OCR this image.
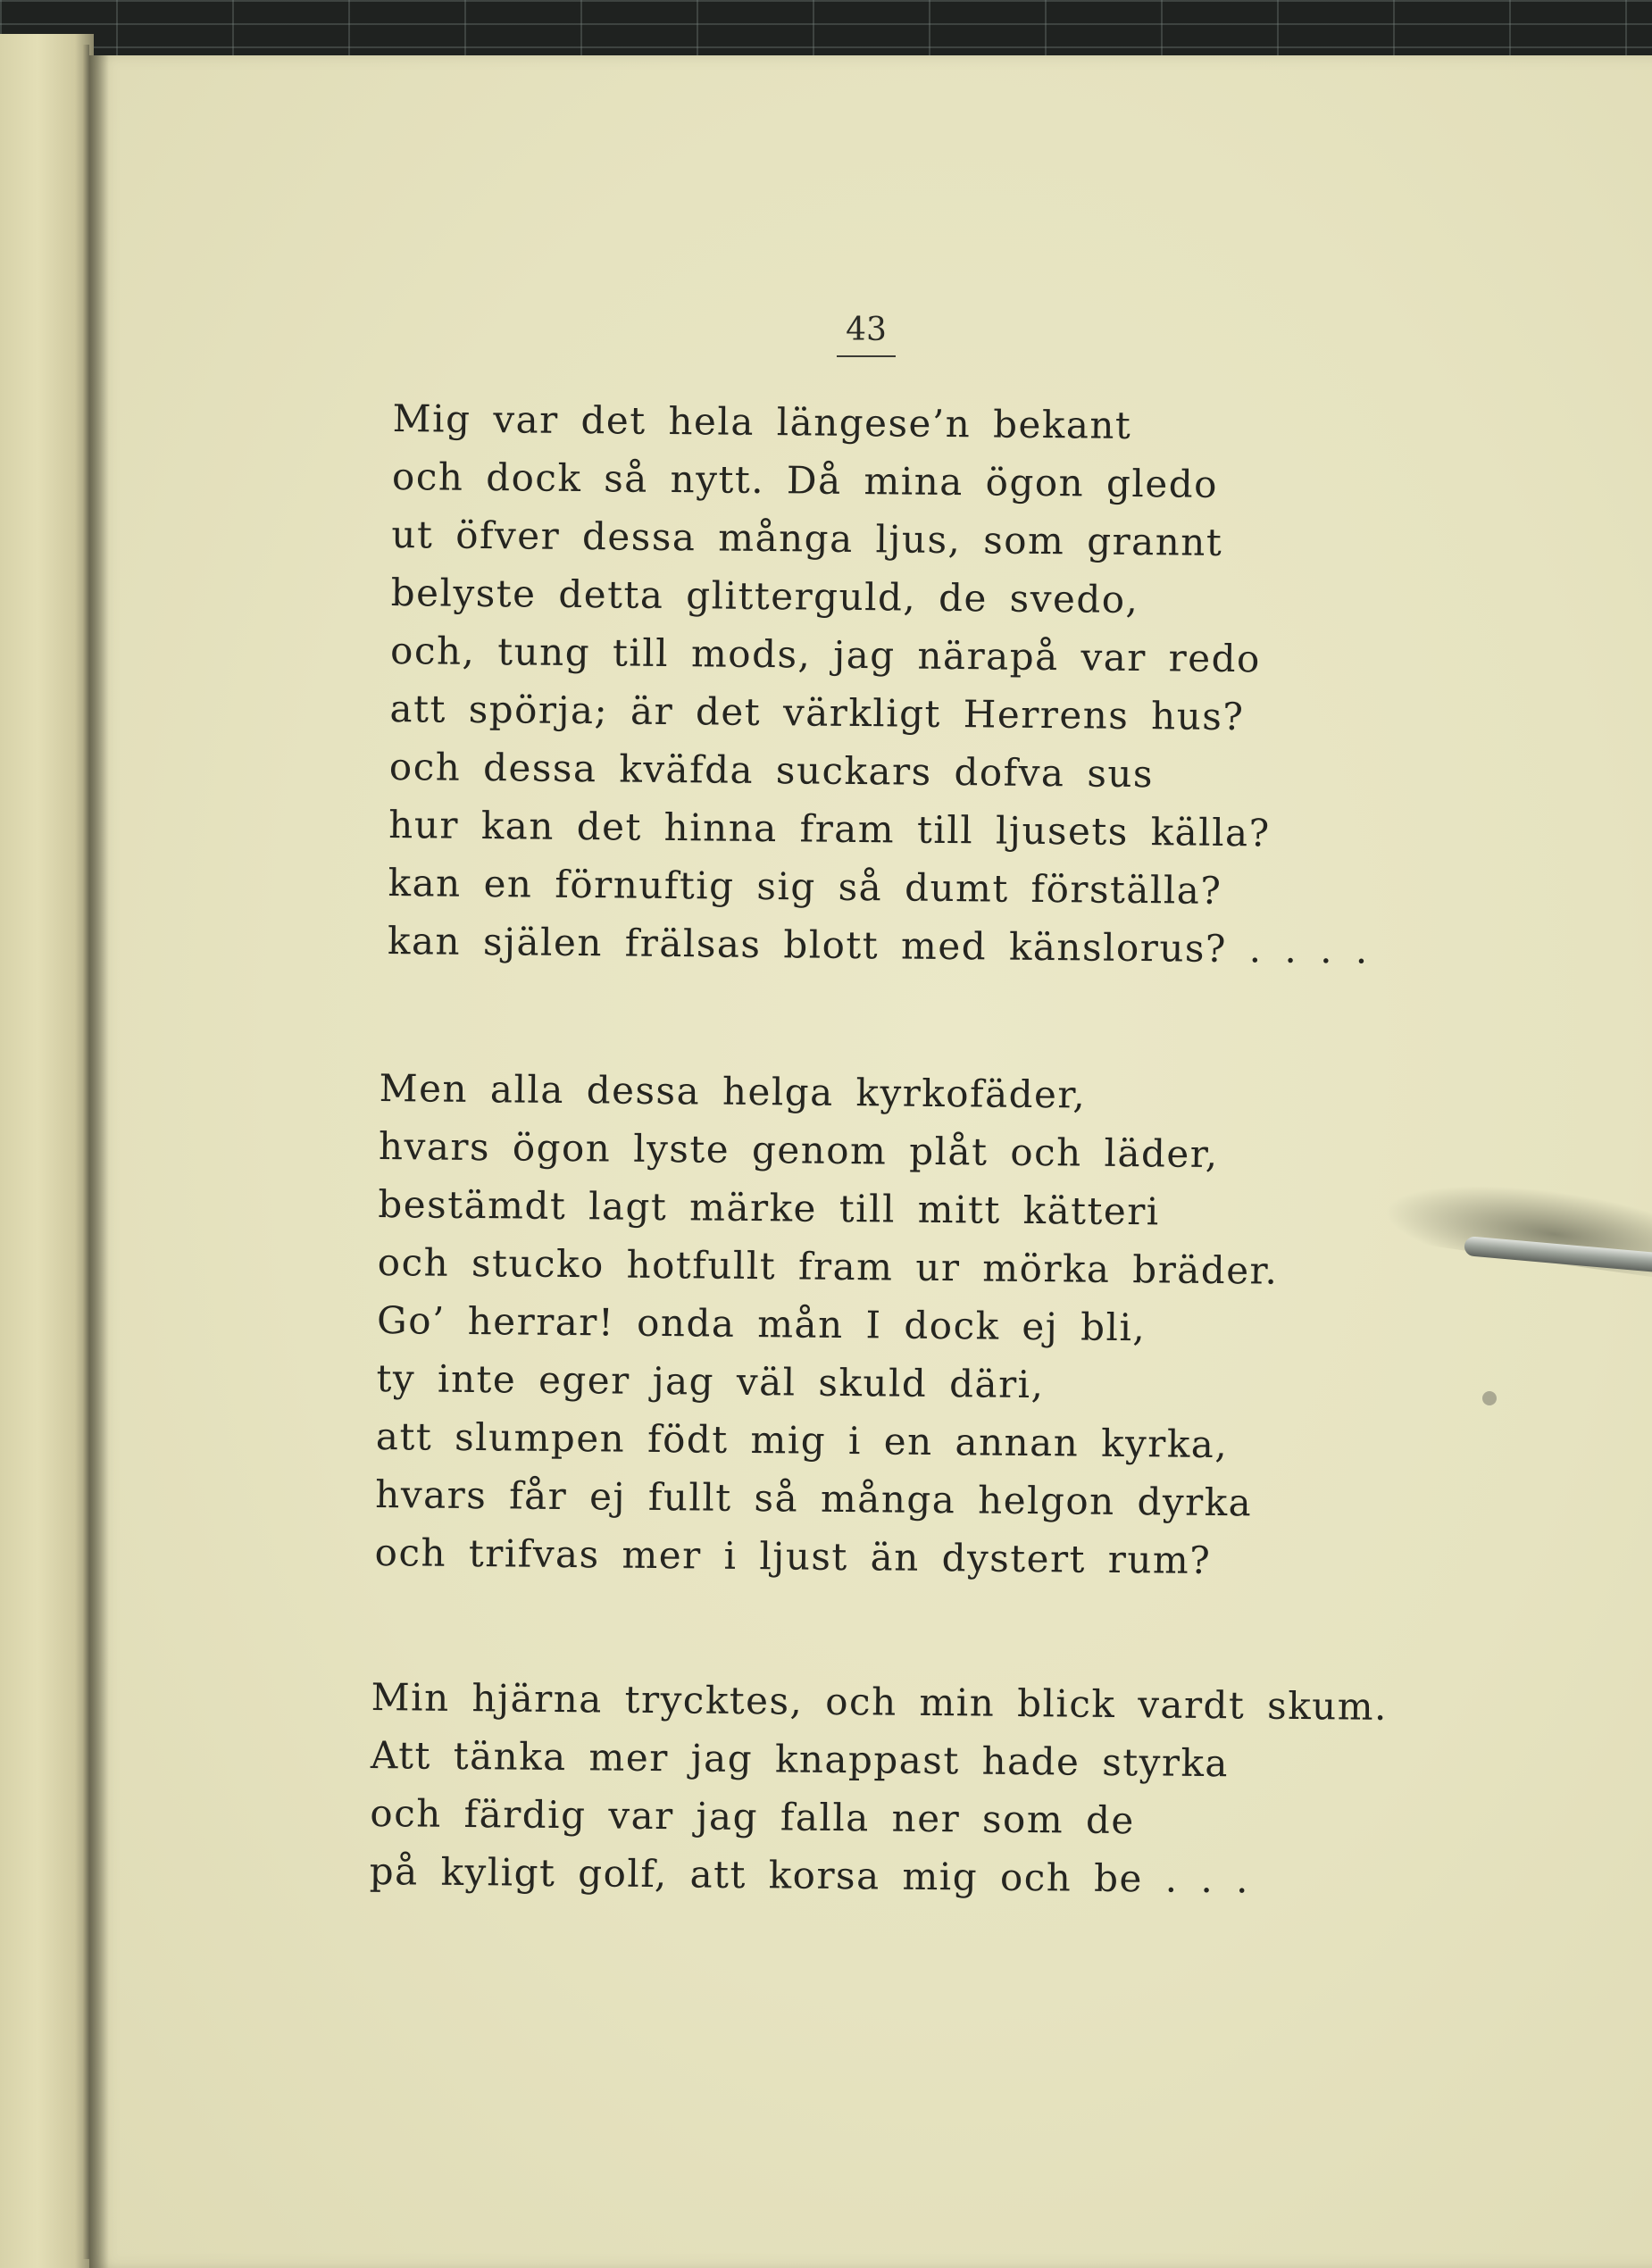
43
Mig var det hela längese’n bekant
och dock så nytt. Då mina ögon gledo
ut öfver dessa många ljus, som grannt
belyste detta glitterguld, de svedo,
och, tung till mods, jag närapå var redo
att spörja; är det värkligt Herrens hus?
och dessa kväfda suckars dofva sus
hur kan det hinna fram till ljusets källa?
kan en förnuftig sig så dumt förställa?
kan själen frälsas blott med känslorus? . . . .
Men alla dessa helga kyrkofäder,
hvars ögon lyste genom plåt och läder,
bestämdt lagt märke till mitt kätteri
och stucko hotfullt fram ur mörka bräder.
Go’ herrar! onda mån I dock ej bli,
ty inte eger jag väl skuld däri,
att slumpen födt mig i en annan kyrka,
hvars får ej fullt så många helgon dyrka
och trifvas mer i ljust än dystert rum?
Min hjärna trycktes, och min blick vardt skum.
Att tänka mer jag knappast hade styrka
och färdig var jag falla ner som de
på kyligt golf, att korsa mig och be . . .
